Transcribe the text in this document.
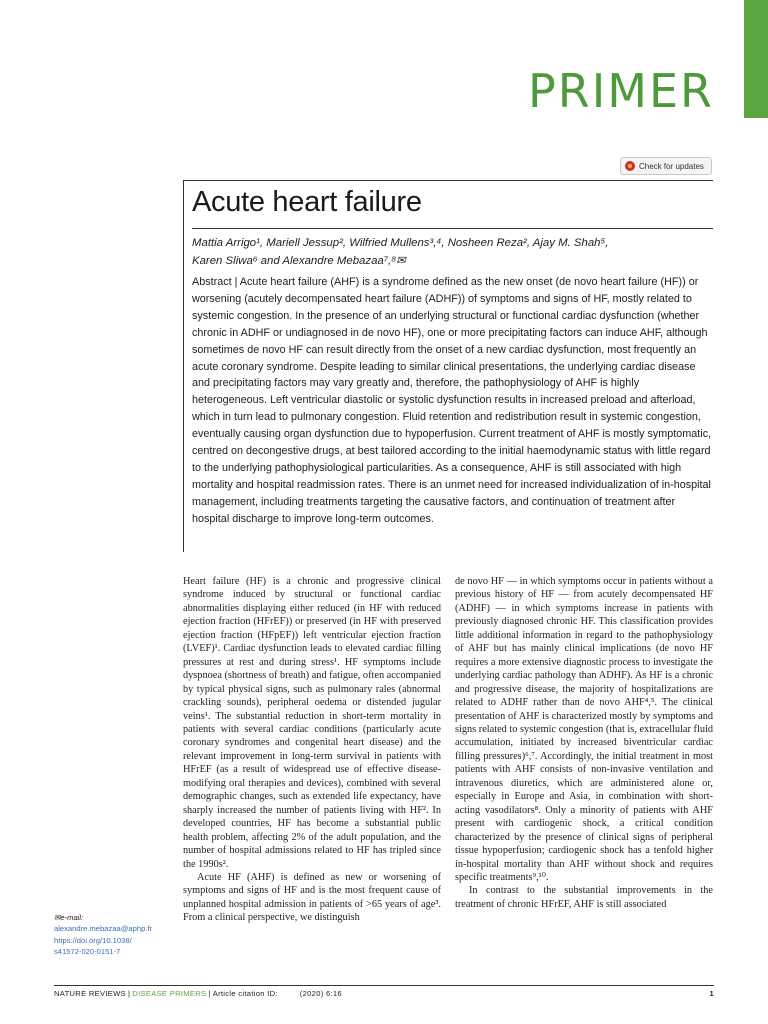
PRIMER
Check for updates
Acute heart failure
Mattia Arrigo¹, Mariell Jessup², Wilfried Mullens³,⁴, Nosheen Reza², Ajay M. Shah⁵,
Karen Sliwa⁶ and Alexandre Mebazaa⁷,⁸✉

Abstract | Acute heart failure (AHF) is a syndrome defined as the new onset (de novo heart failure (HF)) or worsening (acutely decompensated heart failure (ADHF)) of symptoms and signs of HF, mostly related to systemic congestion. In the presence of an underlying structural or functional cardiac dysfunction (whether chronic in ADHF or undiagnosed in de novo HF), one or more precipitating factors can induce AHF, although sometimes de novo HF can result directly from the onset of a new cardiac dysfunction, most frequently an acute coronary syndrome. Despite leading to similar clinical presentations, the underlying cardiac disease and precipitating factors may vary greatly and, therefore, the pathophysiology of AHF is highly heterogeneous. Left ventricular diastolic or systolic dysfunction results in increased preload and afterload, which in turn lead to pulmonary congestion. Fluid retention and redistribution result in systemic congestion, eventually causing organ dysfunction due to hypoperfusion. Current treatment of AHF is mostly symptomatic, centred on decongestive drugs, at best tailored according to the initial haemodynamic status with little regard to the underlying pathophysiological particularities. As a consequence, AHF is still associated with high mortality and hospital readmission rates. There is an unmet need for increased individualization of in-hospital management, including treatments targeting the causative factors, and continuation of treatment after hospital discharge to improve long-term outcomes.

Heart failure (HF) is a chronic and progressive clinical syndrome induced by structural or functional cardiac abnormalities displaying either reduced (in HF with reduced ejection fraction (HFrEF)) or preserved (in HF with preserved ejection fraction (HFpEF)) left ventricular ejection fraction (LVEF)¹. Cardiac dysfunction leads to elevated cardiac filling pressures at rest and during stress¹. HF symptoms include dyspnoea (shortness of breath) and fatigue, often accompanied by typical physical signs, such as pulmonary rales (abnormal crackling sounds), peripheral oedema or distended jugular veins¹. The substantial reduction in short-term mortality in patients with several cardiac conditions (particularly acute coronary syndromes and congenital heart disease) and the relevant improvement in long-term survival in patients with HFrEF (as a result of widespread use of effective disease-modifying oral therapies and devices), combined with several demographic changes, such as extended life expectancy, have sharply increased the number of patients living with HF². In developed countries, HF has become a substantial public health problem, affecting 2% of the adult population, and the number of hospital admissions related to HF has tripled since the 1990s².

Acute HF (AHF) is defined as new or worsening of symptoms and signs of HF and is the most frequent cause of unplanned hospital admission in patients of >65 years of age³. From a clinical perspective, we distinguish

de novo HF — in which symptoms occur in patients without a previous history of HF — from acutely decompensated HF (ADHF) — in which symptoms increase in patients with previously diagnosed chronic HF. This classification provides little additional information in regard to the pathophysiology of AHF but has mainly clinical implications (de novo HF requires a more extensive diagnostic process to investigate the underlying cardiac pathology than ADHF). As HF is a chronic and progressive disease, the majority of hospitalizations are related to ADHF rather than de novo AHF⁴,⁵. The clinical presentation of AHF is characterized mostly by symptoms and signs related to systemic congestion (that is, extracellular fluid accumulation, initiated by increased biventricular cardiac filling pressures)⁶,⁷. Accordingly, the initial treatment in most patients with AHF consists of non-invasive ventilation and intravenous diuretics, which are administered alone or, especially in Europe and Asia, in combination with short-acting vasodilators⁸. Only a minority of patients with AHF present with cardiogenic shock, a critical condition characterized by the presence of clinical signs of peripheral tissue hypoperfusion; cardiogenic shock has a tenfold higher in-hospital mortality than AHF without shock and requires specific treatments⁹,¹⁰.

In contrast to the substantial improvements in the treatment of chronic HFrEF, AHF is still associated

✉e-mail:
alexandre.mebazaa@aphp.fr
https://doi.org/10.1038/
s41572-020-0151-7
NATURE REVIEWS | DISEASE PRIMERS | Article citation ID:	(2020) 6:16	1
